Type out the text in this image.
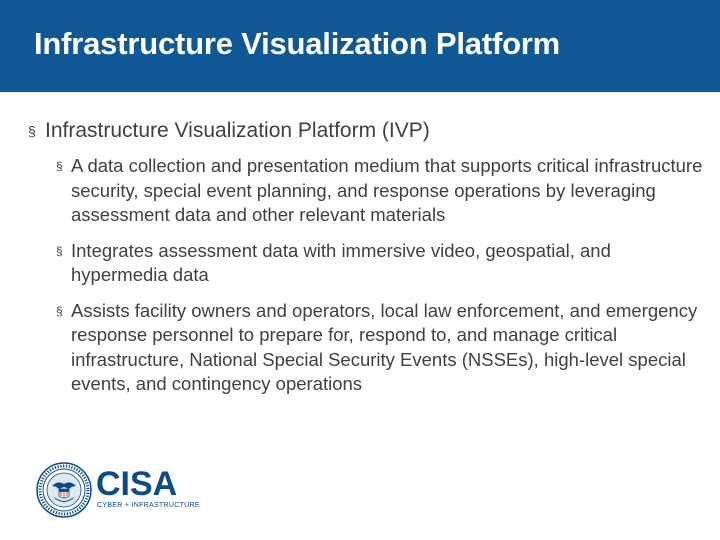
Infrastructure Visualization Platform
§ Infrastructure Visualization Platform (IVP)
§ A data collection and presentation medium that supports critical infrastructure security, special event planning, and response operations by leveraging assessment data and other relevant materials
§ Integrates assessment data with immersive video, geospatial, and hypermedia data
§ Assists facility owners and operators, local law enforcement, and emergency response personnel to prepare for, respond to, and manage critical infrastructure, National Special Security Events (NSSEs), high-level special events, and contingency operations
CISA
CYBER + INFRASTRUCTURE
